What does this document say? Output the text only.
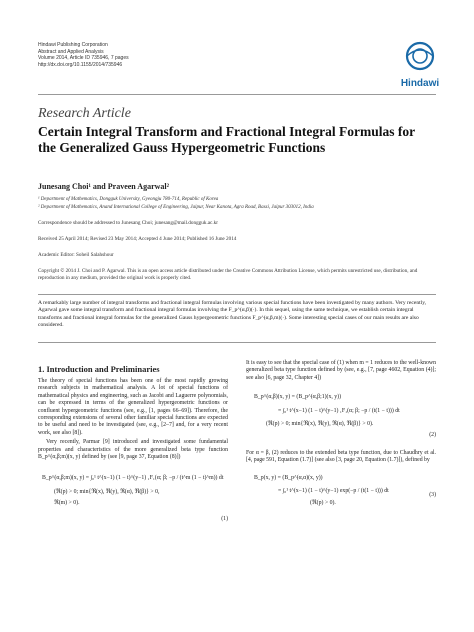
Hindawi Publishing Corporation
Abstract and Applied Analysis
Volume 2014, Article ID 735946, 7 pages
http://dx.doi.org/10.1155/2014/735946
Hindawi
Research Article
Certain Integral Transform and Fractional Integral Formulas for
the Generalized Gauss Hypergeometric Functions
Junesang Choi¹ and Praveen Agarwal²
¹ Department of Mathematics, Dongguk University, Gyeongju 780-714, Republic of Korea
² Department of Mathematics, Anand International College of Engineering, Jaipur, Near Kanota, Agra Road, Bassi, Jaipur 303012, India
Correspondence should be addressed to Junesang Choi; junesang@mail.dongguk.ac.kr
Received 25 April 2014; Revised 23 May 2014; Accepted 4 June 2014; Published 16 June 2014
Academic Editor: Soheil Salahshour
Copyright © 2014 J. Choi and P. Agarwal. This is an open access article distributed under the Creative Commons Attribution License, which permits unrestricted use, distribution, and reproduction in any medium, provided the original work is properly cited.
A remarkably large number of integral transforms and fractional integral formulas involving various special functions have been investigated by many authors. Very recently, Agarwal gave some integral transform and fractional integral formulas involving the F_p^(α,β)(·). In this sequel, using the same technique, we establish certain integral transforms and fractional integral formulas for the generalized Gauss hypergeometric functions F_p^(α,β,m)(·). Some interesting special cases of our main results are also considered.
1. Introduction and Preliminaries

The theory of special functions has been one of the most rapidly growing research subjects in mathematical analysis. A lot of special functions of mathematical physics and engineering, such as Jacobi and Laguerre polynomials, can be expressed in terms of the generalized hypergeometric functions or confluent hypergeometric functions (see, e.g., [1, pages 66–69]). Therefore, the corresponding extensions of several other familiar special functions are expected to be useful and need to be investigated (see, e.g., [2–7] and, for a very recent work, see also [8]).

Very recently, Parmar [9] introduced and investigated some fundamental properties and characteristics of the more generalized beta type function B_p^(α,β;m)(x, y) defined by (see [9, page 37, Equation (8)])

B_p^(α,β;m)(x, y) = ∫₀¹ t^(x−1) (1 − t)^(y−1) ₁F₁(α; β; −p / (t^m (1 − t)^m)) dt
(ℜ(p) > 0; min{ℜ(x), ℜ(y), ℜ(α), ℜ(β)} > 0,
ℜ(m) > 0).
(1)

It is easy to see that the special case of (1) when m = 1 reduces to the well-known generalized beta type function defined by (see, e.g., [7, page 4602, Equation (4)]; see also [6, page 32, Chapter 4])

B_p^(α,β)(x, y) = (B_p^(α,β;1)(x, y))
= ∫₀¹ t^(x−1) (1 − t)^(y−1) ₁F₁(α; β; −p / (t(1 − t))) dt
(ℜ(p) > 0; min{ℜ(x), ℜ(y), ℜ(α), ℜ(β)} > 0).
(2)

For α = β, (2) reduces to the extended beta type function, due to Chaudhry et al. [4, page 591, Equation (1.7)] (see also [3, page 20, Equation (1.7)]), defined by

B_p(x, y) = (B_p^(α,α)(x, y))
= ∫₀¹ t^(x−1) (1 − t)^(y−1) exp(−p / (t(1 − t))) dt
(ℜ(p) > 0).
(3)
